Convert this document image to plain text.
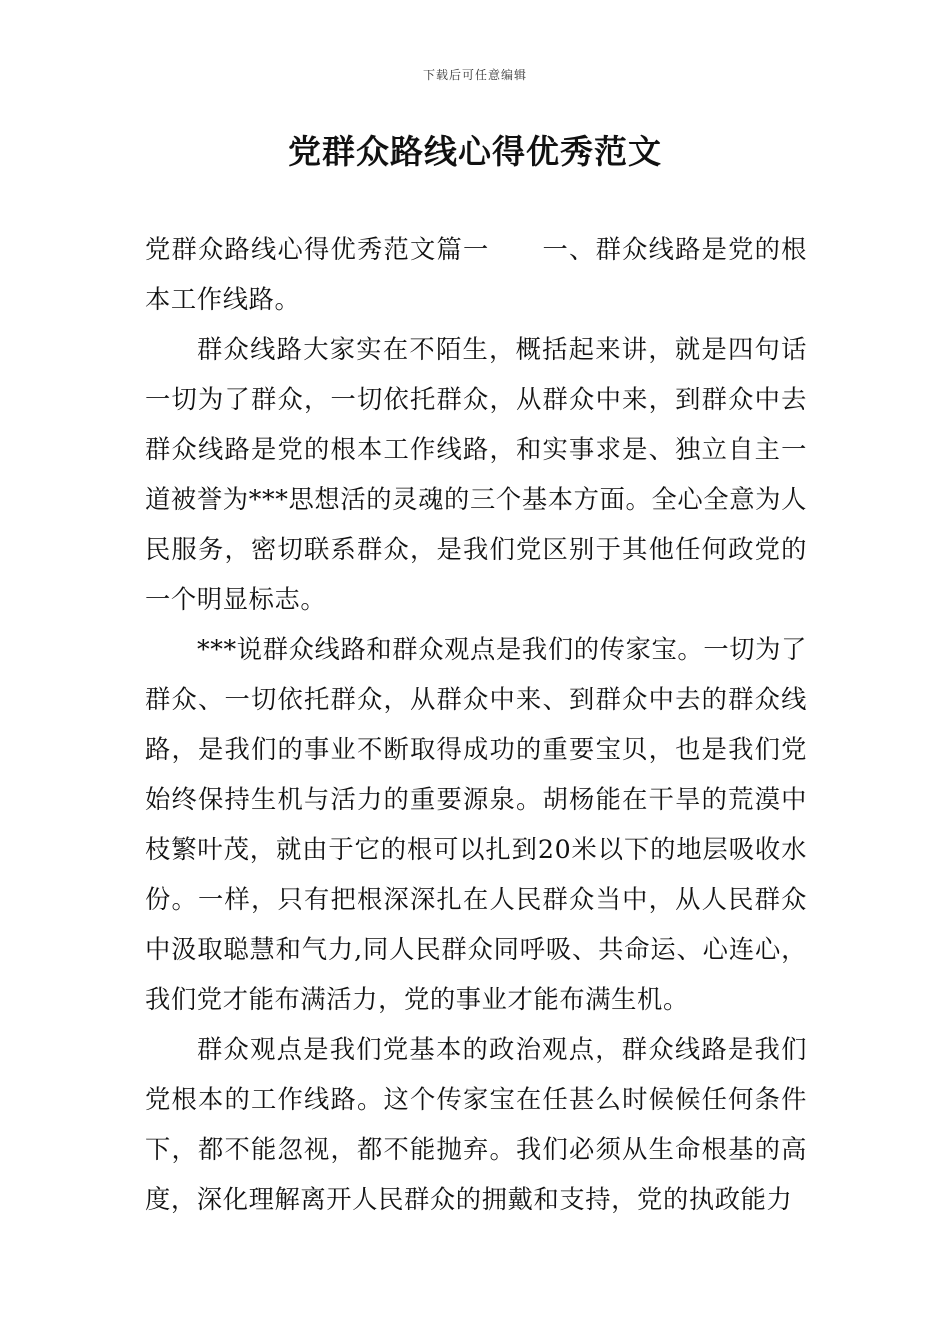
下载后可任意编辑
党群众路线心得优秀范文

党群众路线心得优秀范文篇一　　一、群众线路是党的根本工作线路。

群众线路大家实在不陌生，概括起来讲，就是四句话一切为了群众，一切依托群众，从群众中来，到群众中去群众线路是党的根本工作线路，和实事求是、独立自主一道被誉为***思想活的灵魂的三个基本方面。全心全意为人民服务，密切联系群众，是我们党区别于其他任何政党的一个明显标志。

***说群众线路和群众观点是我们的传家宝。一切为了群众、一切依托群众，从群众中来、到群众中去的群众线路，是我们的事业不断取得成功的重要宝贝，也是我们党始终保持生机与活力的重要源泉。胡杨能在干旱的荒漠中枝繁叶茂，就由于它的根可以扎到20米以下的地层吸收水份。一样，只有把根深深扎在人民群众当中，从人民群众中汲取聪慧和气力,同人民群众同呼吸、共命运、心连心，我们党才能布满活力，党的事业才能布满生机。

群众观点是我们党基本的政治观点，群众线路是我们党根本的工作线路。这个传家宝在任甚么时候候任何条件下，都不能忽视，都不能抛弃。我们必须从生命根基的高度，深化理解离开人民群众的拥戴和支持，党的执政能力
